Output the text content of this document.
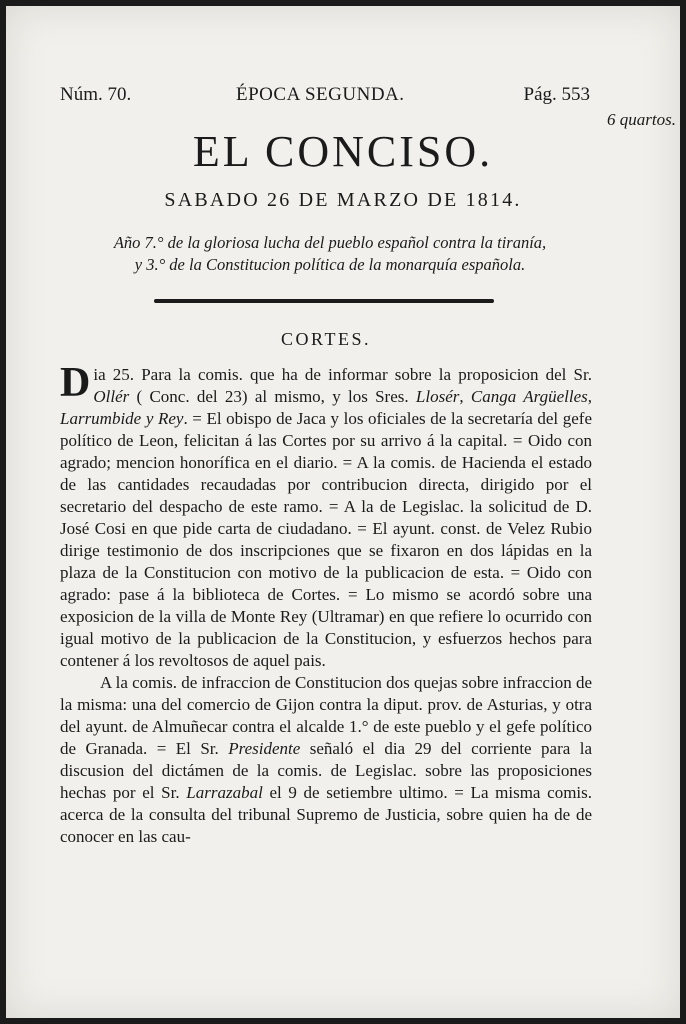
Núm. 70.	ÉPOCA SEGUNDA.	Pág. 553
6 quartos.
EL CONCISO.
SABADO 26 DE MARZO DE 1814.
Año 7.° de la gloriosa lucha del pueblo español contra la tiranía,
y 3.° de la Constitucion política de la monarquía española.
CORTES.

Dia 25. Para la comis. que ha de informar sobre la proposicion del Sr. Ollér ( Conc. del 23) al mismo, y los Sres. Llosér, Canga Argüelles, Larrumbide y Rey. = El obispo de Jaca y los oficiales de la secretaría del gefe político de Leon, felicitan á las Cortes por su arrivo á la capital. = Oido con agrado; mencion honorífica en el diario. = A la comis. de Hacienda el estado de las cantidades recaudadas por contribucion directa, dirigido por el secretario del despacho de este ramo. = A la de Legislac. la solicitud de D. José Cosi en que pide carta de ciudadano. = El ayunt. const. de Velez Rubio dirige testimonio de dos inscripciones que se fixaron en dos lápidas en la plaza de la Constitucion con motivo de la publicacion de esta. = Oido con agrado: pase á la biblioteca de Cortes. = Lo mismo se acordó sobre una exposicion de la villa de Monte Rey (Ultramar) en que refiere lo ocurrido con igual motivo de la publicacion de la Constitucion, y esfuerzos hechos para contener á los revoltosos de aquel pais.

A la comis. de infraccion de Constitucion dos quejas sobre infraccion de la misma: una del comercio de Gijon contra la diput. prov. de Asturias, y otra del ayunt. de Almuñecar contra el alcalde 1.° de este pueblo y el gefe político de Granada. = El Sr. Presidente señaló el dia 29 del corriente para la discusion del dictámen de la comis. de Legislac. sobre las proposiciones hechas por el Sr. Larrazabal el 9 de setiembre ultimo. = La misma comis. acerca de la consulta del tribunal Supremo de Justicia, sobre quien ha de de conocer en las cau-
